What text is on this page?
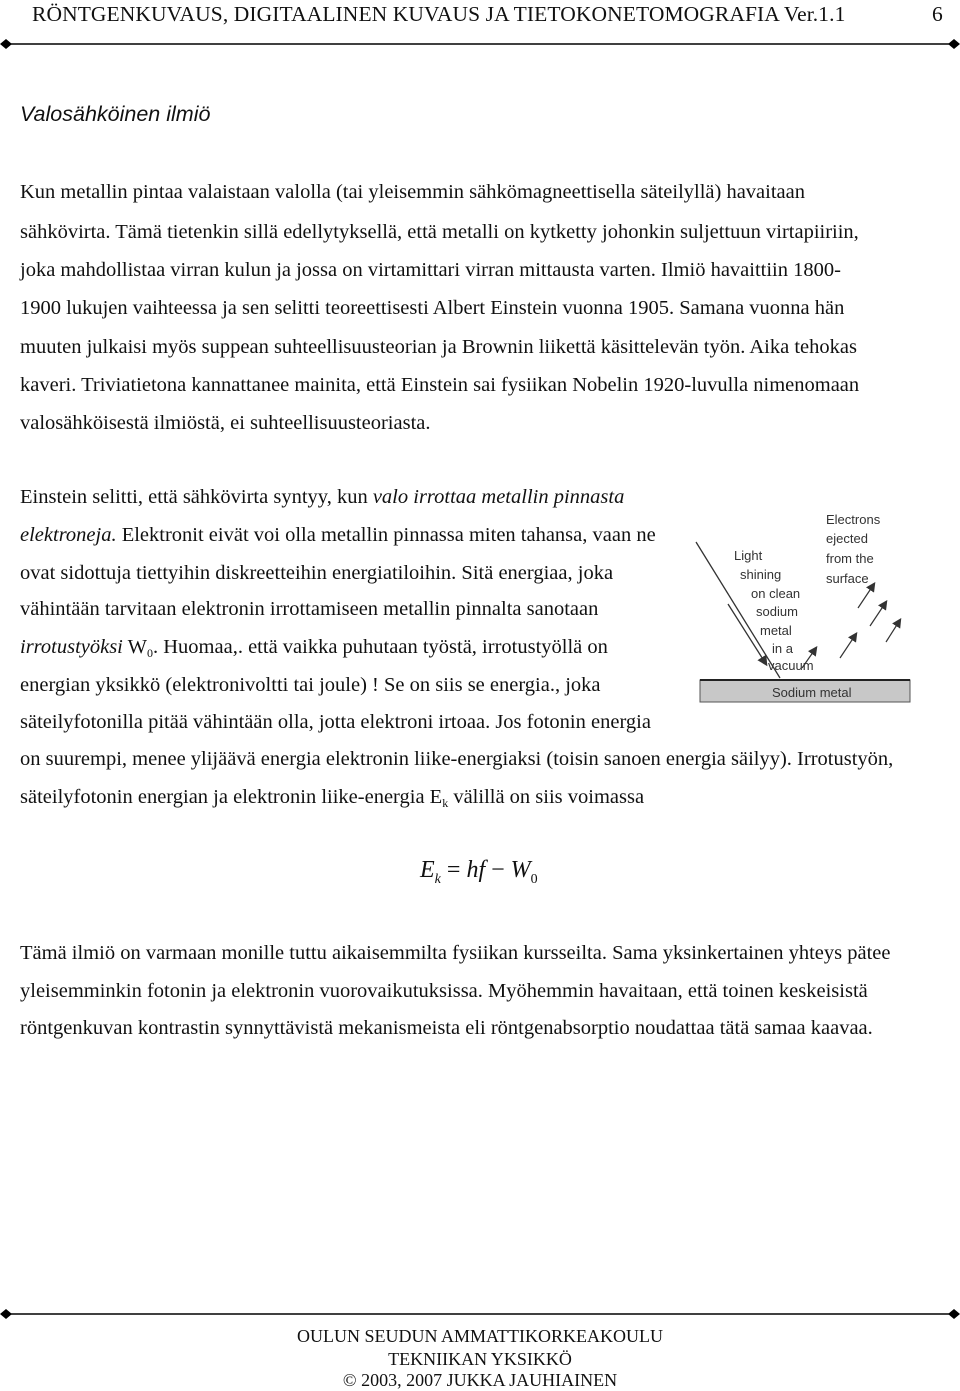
RÖNTGENKUVAUS, DIGITAALINEN KUVAUS JA TIETOKONETOMOGRAFIA Ver.1.1	6
Valosähköinen ilmiö
Kun metallin pintaa valaistaan valolla (tai yleisemmin sähkömagneettisella säteilyllä) havaitaan
sähkövirta. Tämä tietenkin sillä edellytyksellä, että metalli on kytketty johonkin suljettuun virtapiiriin,
joka mahdollistaa virran kulun ja jossa on virtamittari virran mittausta varten. Ilmiö havaittiin 1800-
1900 lukujen vaihteessa ja sen selitti teoreettisesti Albert Einstein vuonna 1905. Samana vuonna hän
muuten julkaisi myös suppean suhteellisuusteorian ja Brownin liikettä käsittelevän työn. Aika tehokas
kaveri. Triviatietona kannattanee mainita, että Einstein sai fysiikan Nobelin 1920-luvulla nimenomaan
valosähköisestä ilmiöstä, ei suhteellisuusteoriasta.
Einstein selitti, että sähkövirta syntyy, kun valo irrottaa metallin pinnasta
elektroneja. Elektronit eivät voi olla metallin pinnassa miten tahansa, vaan ne
ovat sidottuja tiettyihin diskreetteihin energiatiloihin. Sitä energiaa, joka
vähintään tarvitaan elektronin irrottamiseen metallin pinnalta sanotaan
irrotustyöksi $W_0$. Huomaa,. että vaikka puhutaan työstä, irrotustyöllä on
energian yksikkö (elektronivoltti tai joule) ! Se on siis se energia., joka
säteilyfotonilla pitää vähintään olla, jotta elektroni irtoaa. Jos fotonin energia
on suurempi, menee ylijäävä energia elektronin liike-energiaksi (toisin sanoen energia säilyy). Irrotustyön,
säteilyfotonin energian ja elektronin liike-energia $E_k$ välillä on siis voimassa
Electrons
ejected
from the
surface
Light
shining
on clean
sodium
metal
in a
vacuum
Sodium metal
$E_k$ = hf − $W_0$
Tämä ilmiö on varmaan monille tuttu aikaisemmilta fysiikan kursseilta. Sama yksinkertainen yhteys pätee
yleisemminkin fotonin ja elektronin vuorovaikutuksissa. Myöhemmin havaitaan, että toinen keskeisistä
röntgenkuvan kontrastin synnyttävistä mekanismeista eli röntgenabsorptio noudattaa tätä samaa kaavaa.
OULUN SEUDUN AMMATTIKORKEAKOULU
TEKNIIKAN YKSIKKÖ
© 2003, 2007 JUKKA JAUHIAINEN
